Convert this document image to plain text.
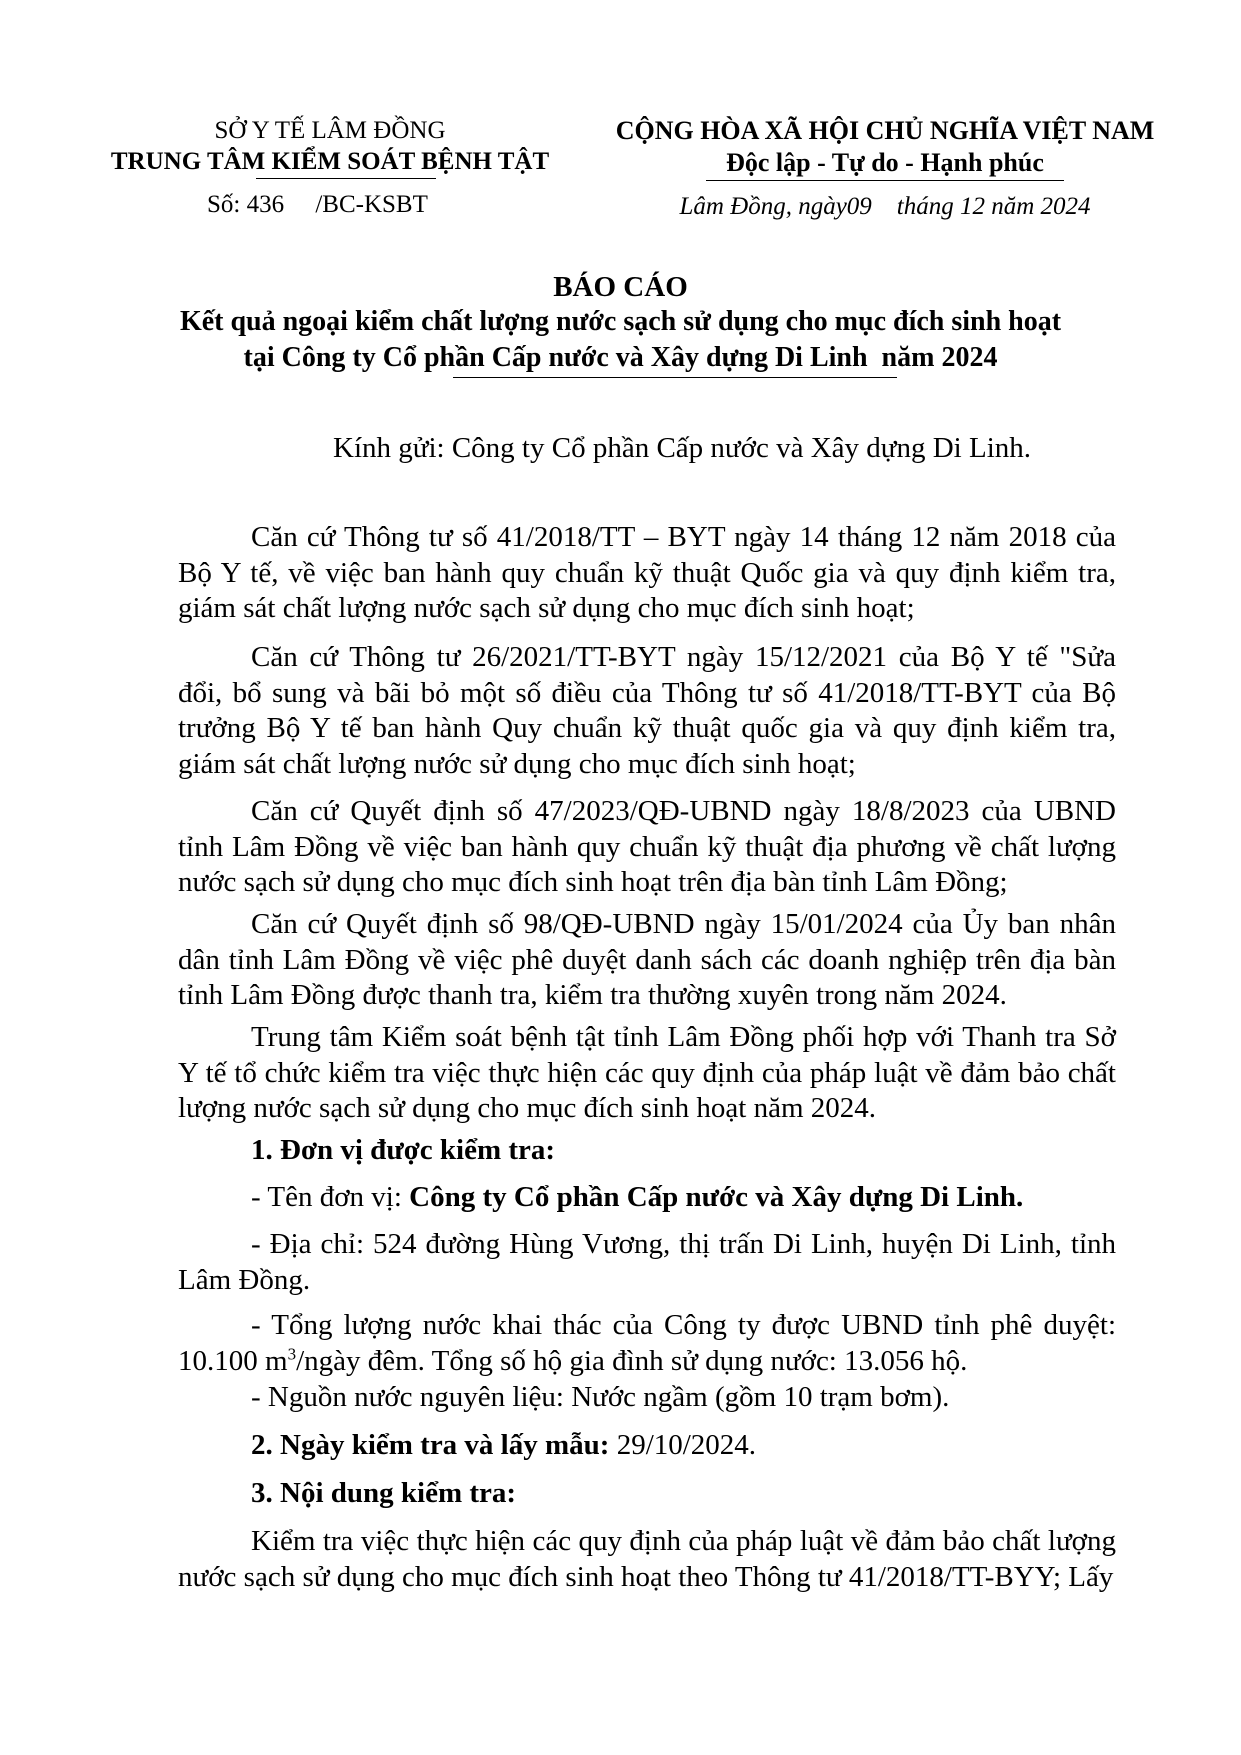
SỞ Y TẾ LÂM ĐỒNG
TRUNG TÂM KIỂM SOÁT BỆNH TẬT
Số: 436     /BC-KSBT
CỘNG HÒA XÃ HỘI CHỦ NGHĨA VIỆT NAM
Độc lập - Tự do - Hạnh phúc
Lâm Đồng, ngày09    tháng 12 năm 2024
BÁO CÁO
Kết quả ngoại kiểm chất lượng nước sạch sử dụng cho mục đích sinh hoạt
tại Công ty Cổ phần Cấp nước và Xây dựng Di Linh  năm 2024
Kính gửi: Công ty Cổ phần Cấp nước và Xây dựng Di Linh.
Căn cứ Thông tư số 41/2018/TT – BYT ngày 14 tháng 12 năm 2018 của Bộ Y tế, về việc ban hành quy chuẩn kỹ thuật Quốc gia và quy định kiểm tra, giám sát chất lượng nước sạch sử dụng cho mục đích sinh hoạt;
Căn cứ Thông tư 26/2021/TT-BYT ngày 15/12/2021 của Bộ Y tế "Sửa đổi, bổ sung và bãi bỏ một số điều của Thông tư số 41/2018/TT-BYT của Bộ trưởng Bộ Y tế ban hành Quy chuẩn kỹ thuật quốc gia và quy định kiểm tra, giám sát chất lượng nước sử dụng cho mục đích sinh hoạt;
Căn cứ Quyết định số 47/2023/QĐ-UBND ngày 18/8/2023 của UBND tỉnh Lâm Đồng về việc ban hành quy chuẩn kỹ thuật địa phương về chất lượng nước sạch sử dụng cho mục đích sinh hoạt trên địa bàn tỉnh Lâm Đồng;
Căn cứ Quyết định số 98/QĐ-UBND ngày 15/01/2024 của Ủy ban nhân dân tỉnh Lâm Đồng về việc phê duyệt danh sách các doanh nghiệp trên địa bàn tỉnh Lâm Đồng được thanh tra, kiểm tra thường xuyên trong năm 2024.
Trung tâm Kiểm soát bệnh tật tỉnh Lâm Đồng phối hợp với Thanh tra Sở Y tế tổ chức kiểm tra việc thực hiện các quy định của pháp luật về đảm bảo chất lượng nước sạch sử dụng cho mục đích sinh hoạt năm 2024.
1. Đơn vị được kiểm tra:
- Tên đơn vị: Công ty Cổ phần Cấp nước và Xây dựng Di Linh.
- Địa chỉ: 524 đường Hùng Vương, thị trấn Di Linh, huyện Di Linh, tỉnh Lâm Đồng.
- Tổng lượng nước khai thác của Công ty được UBND tỉnh phê duyệt: 10.100 $m^3$/ngày đêm. Tổng số hộ gia đình sử dụng nước: 13.056 hộ.
- Nguồn nước nguyên liệu: Nước ngầm (gồm 10 trạm bơm).
2. Ngày kiểm tra và lấy mẫu: 29/10/2024.
3. Nội dung kiểm tra:
Kiểm tra việc thực hiện các quy định của pháp luật về đảm bảo chất lượng nước sạch sử dụng cho mục đích sinh hoạt theo Thông tư 41/2018/TT-BYY; Lấy
